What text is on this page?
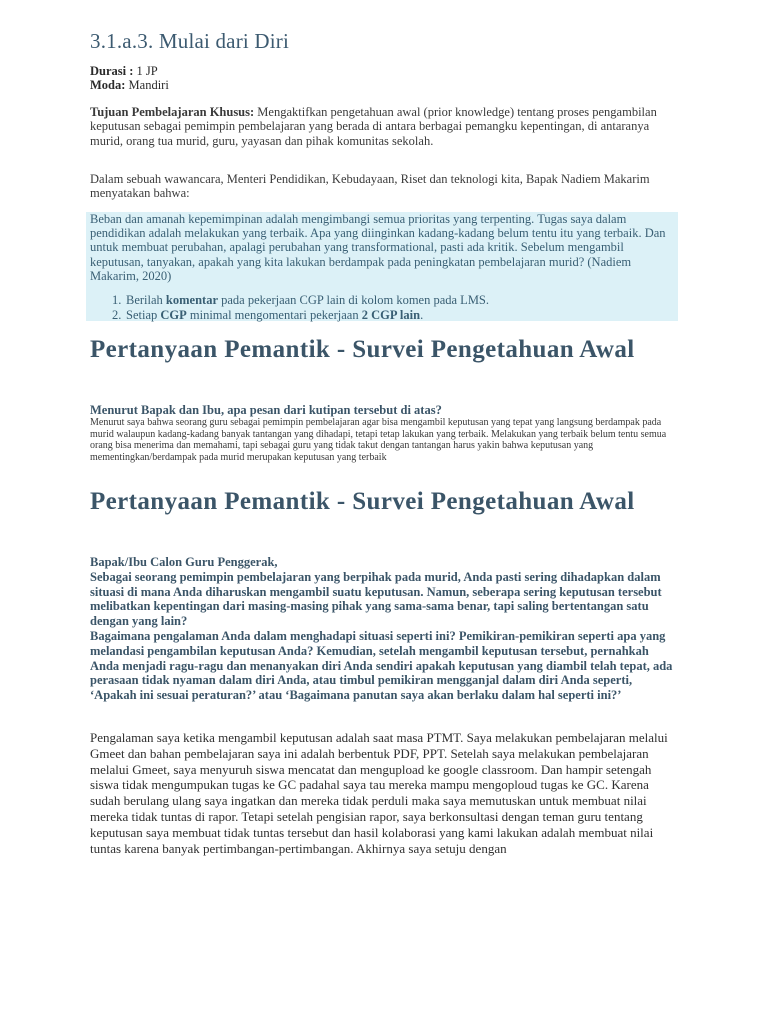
3.1.a.3. Mulai dari Diri
Durasi : 1 JP
Moda: Mandiri
Tujuan Pembelajaran Khusus: Mengaktifkan pengetahuan awal (prior knowledge) tentang proses pengambilan keputusan sebagai pemimpin pembelajaran yang berada di antara berbagai pemangku kepentingan, di antaranya murid, orang tua murid, guru, yayasan dan pihak komunitas sekolah.
Dalam sebuah wawancara, Menteri Pendidikan, Kebudayaan, Riset dan teknologi kita, Bapak Nadiem Makarim menyatakan bahwa:
Beban dan amanah kepemimpinan adalah mengimbangi semua prioritas yang terpenting. Tugas saya dalam pendidikan adalah melakukan yang terbaik. Apa yang diinginkan kadang-kadang belum tentu itu yang terbaik. Dan untuk membuat perubahan, apalagi perubahan yang transformational, pasti ada kritik. Sebelum mengambil keputusan, tanyakan, apakah yang kita lakukan berdampak pada peningkatan pembelajaran murid? (Nadiem Makarim, 2020)
1. Berilah komentar pada pekerjaan CGP lain di kolom komen pada LMS.
2. Setiap CGP minimal mengomentari pekerjaan 2 CGP lain.
Pertanyaan Pemantik - Survei Pengetahuan Awal
Menurut Bapak dan Ibu, apa pesan dari kutipan tersebut di atas?
Menurut saya bahwa seorang guru sebagai pemimpin pembelajaran agar bisa mengambil keputusan yang tepat yang langsung berdampak pada murid walaupun kadang-kadang banyak tantangan yang dihadapi, tetapi tetap lakukan yang terbaik. Melakukan yang terbaik belum tentu semua orang bisa menerima dan memahami, tapi sebagai guru yang tidak takut dengan tantangan harus yakin bahwa keputusan yang mementingkan/berdampak pada murid merupakan keputusan yang terbaik
Pertanyaan Pemantik - Survei Pengetahuan Awal

Bapak/Ibu Calon Guru Penggerak,

Sebagai seorang pemimpin pembelajaran yang berpihak pada murid, Anda pasti sering dihadapkan dalam situasi di mana Anda diharuskan mengambil suatu keputusan. Namun, seberapa sering keputusan tersebut melibatkan kepentingan dari masing-masing pihak yang sama-sama benar, tapi saling bertentangan satu dengan yang lain?

Bagaimana pengalaman Anda dalam menghadapi situasi seperti ini? Pemikiran-pemikiran seperti apa yang melandasi pengambilan keputusan Anda? Kemudian, setelah mengambil keputusan tersebut, pernahkah Anda menjadi ragu-ragu dan menanyakan diri Anda sendiri apakah keputusan yang diambil telah tepat, ada perasaan tidak nyaman dalam diri Anda, atau timbul pemikiran mengganjal dalam diri Anda seperti, ‘Apakah ini sesuai peraturan?’ atau ‘Bagaimana panutan saya akan berlaku dalam hal seperti ini?’

Pengalaman saya ketika mengambil keputusan adalah saat masa PTMT. Saya melakukan pembelajaran melalui Gmeet dan bahan pembelajaran saya ini adalah berbentuk PDF, PPT. Setelah saya melakukan pembelajaran melalui Gmeet, saya menyuruh siswa mencatat dan mengupload ke google classroom. Dan hampir setengah siswa tidak mengumpukan tugas ke GC padahal saya tau mereka mampu mengoploud tugas ke GC. Karena sudah berulang ulang saya ingatkan dan mereka tidak perduli maka saya memutuskan untuk membuat nilai mereka tidak tuntas di rapor. Tetapi setelah pengisian rapor, saya berkonsultasi dengan teman guru tentang keputusan saya membuat tidak tuntas tersebut dan hasil kolaborasi yang kami lakukan adalah membuat nilai tuntas karena banyak pertimbangan-pertimbangan. Akhirnya saya setuju dengan
